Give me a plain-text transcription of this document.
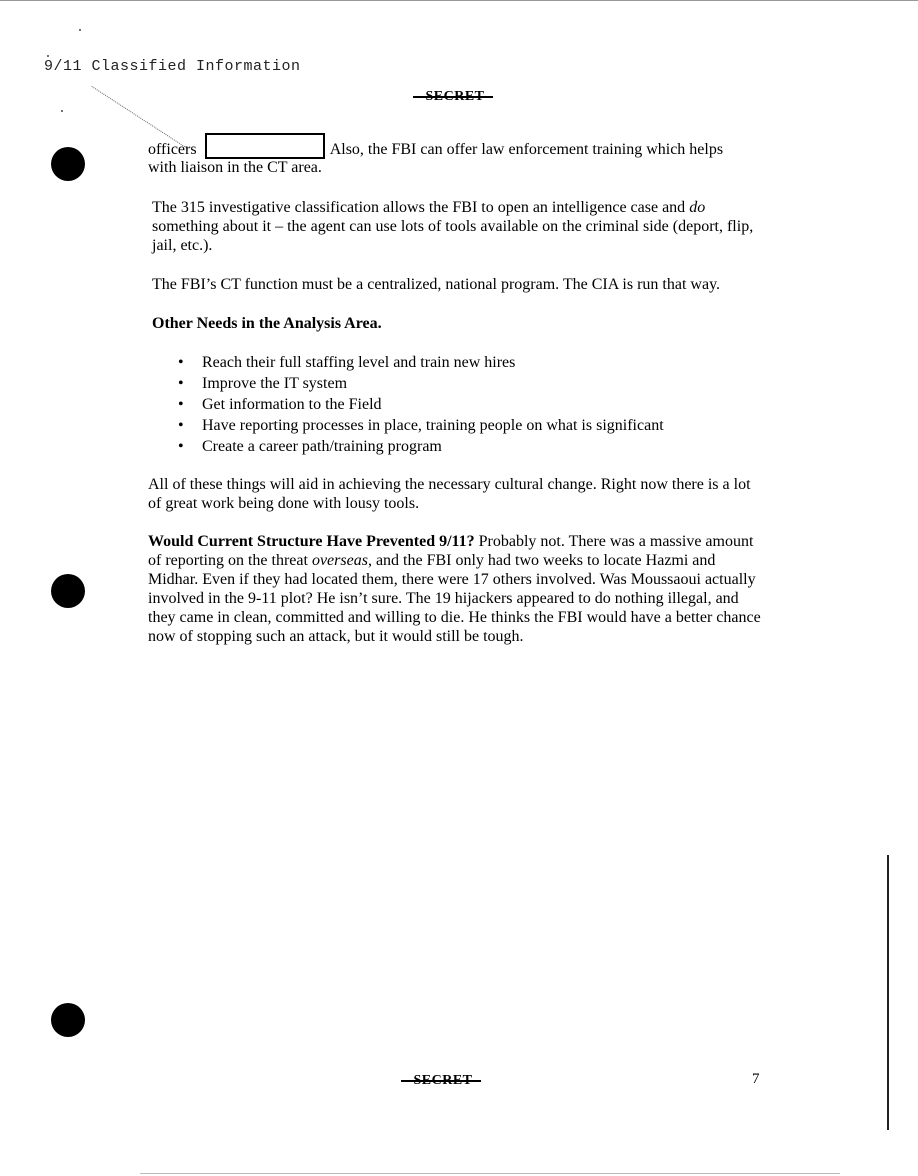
9/11 Classified Information
SECRET
officers	Also, the FBI can offer law enforcement training which helps
with liaison in the CT area.
The 315 investigative classification allows the FBI to open an intelligence case and do something about it – the agent can use lots of tools available on the criminal side (deport, flip, jail, etc.).
The FBI’s CT function must be a centralized, national program. The CIA is run that way.
Other Needs in the Analysis Area.
• Reach their full staffing level and train new hires
• Improve the IT system
• Get information to the Field
• Have reporting processes in place, training people on what is significant
• Create a career path/training program
All of these things will aid in achieving the necessary cultural change. Right now there is a lot of great work being done with lousy tools.
Would Current Structure Have Prevented 9/11? Probably not. There was a massive amount of reporting on the threat overseas, and the FBI only had two weeks to locate Hazmi and Midhar. Even if they had located them, there were 17 others involved. Was Moussaoui actually involved in the 9-11 plot? He isn’t sure. The 19 hijackers appeared to do nothing illegal, and they came in clean, committed and willing to die. He thinks the FBI would have a better chance now of stopping such an attack, but it would still be tough.
SECRET	7
